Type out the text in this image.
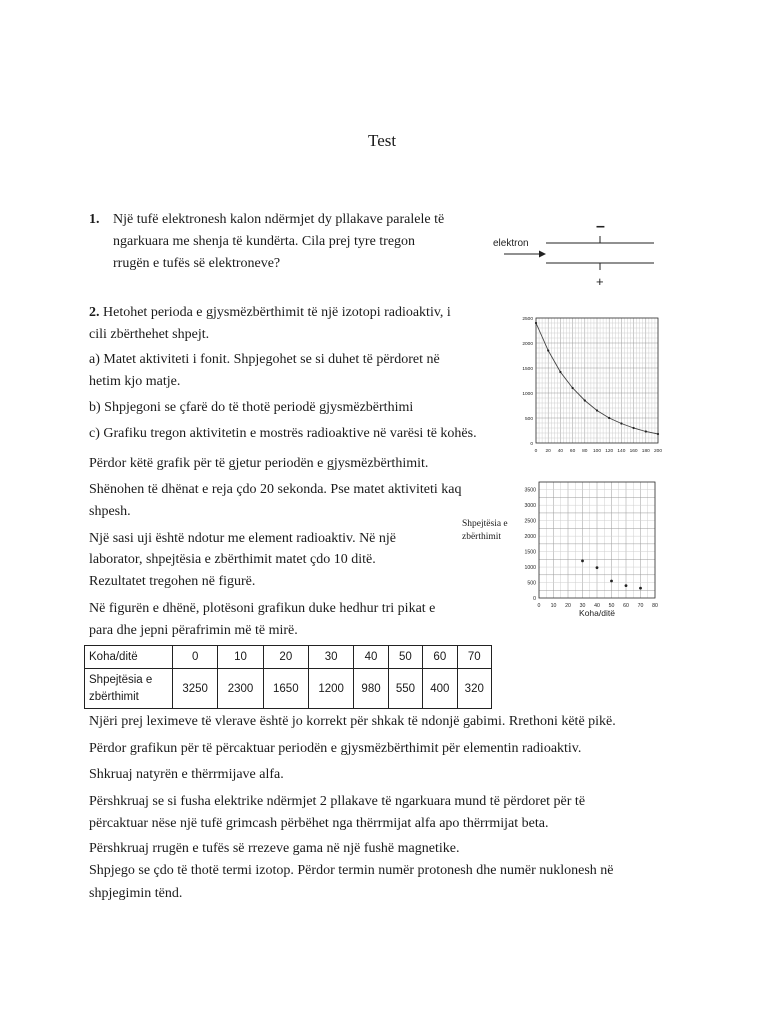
Test
1. Një tufë elektronesh kalon ndërmjet dy pllakave paralele të
ngarkuara me shenja të kundërta. Cila prej tyre tregon
rrugën e tufës së elektroneve?
elektron
–
+
2. Hetohet perioda e gjysmëzbërthimit të një izotopi radioaktiv, i
cili zbërthehet shpejt.
a) Matet aktiviteti i fonit. Shpjegohet se si duhet të përdoret në
hetim kjo matje.
b) Shpjegoni se çfarë do të thotë periodë gjysmëzbërthimi
c) Grafiku tregon aktivitetin e mostrës radioaktive në varësi të kohës.
Përdor këtë grafik për të gjetur periodën e gjysmëzbërthimit.
Shënohen të dhënat e reja çdo 20 sekonda. Pse matet aktiviteti kaq
shpesh.
Një sasi uji është ndotur me element radioaktiv. Në një
laborator, shpejtësia e zbërthimit matet çdo 10 ditë.
Rezultatet tregohen në figurë.
Në figurën e dhënë, plotësoni grafikun duke hedhur tri pikat e
para dhe jepni përafrimin më të mirë.
0 20 40 60 80 100 120 140 160 180 200
0
500
1000
1500
2000
2500
Shpejtësia e zbërthimit
0 10 20 30 40 50 60 70 80
0
500
1000
1500
2000
2500
3000
3500
Koha/ditë
Koha/ditë	0	10	20	30	40	50	60	70
Shpejtësia e zbërthimit	3250	2300	1650	1200	980	550	400	320
Njëri prej leximeve të vlerave është jo korrekt për shkak të ndonjë gabimi. Rrethoni këtë pikë.
Përdor grafikun për të përcaktuar periodën e gjysmëzbërthimit për elementin radioaktiv.
Shkruaj natyrën e thërrmijave alfa.
Përshkruaj se si fusha elektrike ndërmjet 2 pllakave të ngarkuara mund të përdoret për të
përcaktuar nëse një tufë grimcash përbëhet nga thërrmijat alfa apo thërrmijat beta.
Përshkruaj rrugën e tufës së rrezeve gama në një fushë magnetike.
Shpjego se çdo të thotë termi izotop. Përdor termin numër protonesh dhe numër nuklonesh në
shpjegimin tënd.
